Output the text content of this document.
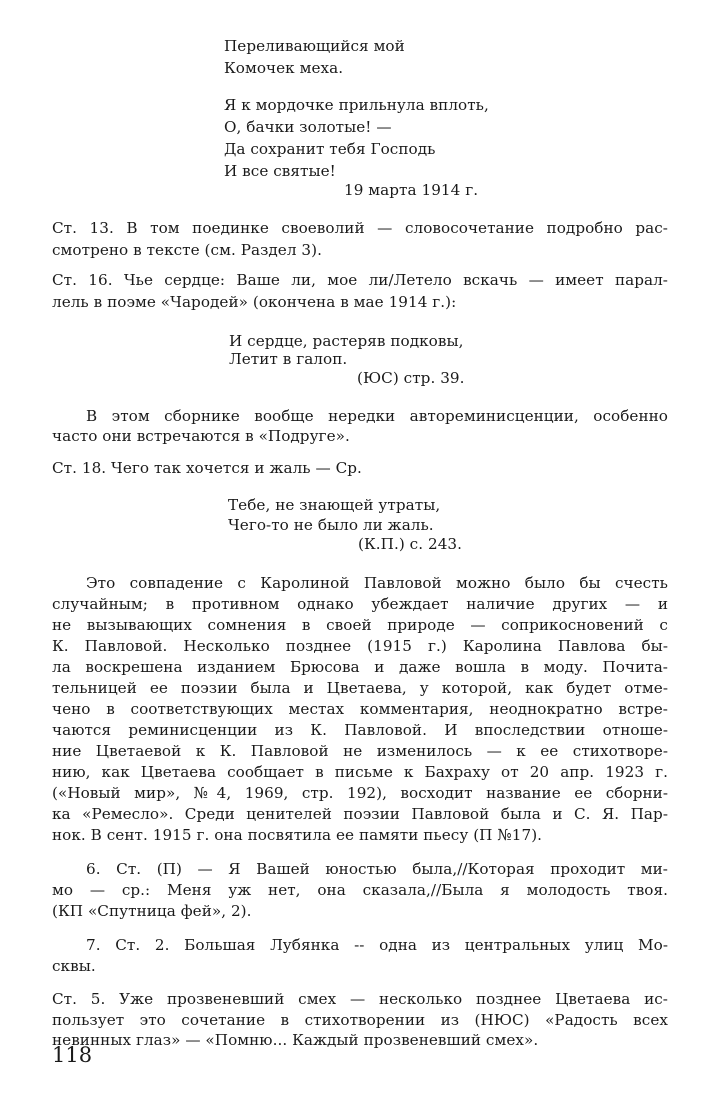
Переливающийся мой
Комочек меха.
Я к мордочке прильнула вплоть,
О, бачки золотые! —
Да сохранит тебя Господь
И все святые!
19 марта 1914 г.
Ст. 13. В том поединке своеволий — словосочетание подробно рас-
смотрено в тексте (см. Раздел 3).
Ст. 16. Чье сердце: Ваше ли, мое ли/Летело вскачь — имеет парал-
лель в поэме «Чародей» (окончена в мае 1914 г.):
И сердце, растеряв подковы,
Летит в галоп.
(ЮС) стр. 39.
В этом сборнике вообще нередки автореминисценции, особенно
часто они встречаются в «Подруге».
Ст. 18. Чего так хочется и жаль — Ср.
Тебе, не знающей утраты,
Чего-то не было ли жаль.
(К.П.) с. 243.
Это совпадение с Каролиной Павловой можно было бы счесть
случайным; в противном однако убеждает наличие других — и
не вызывающих сомнения в своей природе — соприкосновений с
К. Павловой. Несколько позднее (1915 г.) Каролина Павлова бы-
ла воскрешена изданием Брюсова и даже вошла в моду. Почита-
тельницей ее поэзии была и Цветаева, у которой, как будет отме-
чено в соответствующих местах комментария, неоднократно встре-
чаются реминисценции из К. Павловой. И впоследствии отноше-
ние Цветаевой к К. Павловой не изменилось — к ее стихотворе-
нию, как Цветаева сообщает в письме к Бахраху от 20 апр. 1923 г.
(«Новый мир», №4, 1969, стр. 192), восходит название ее сборни-
ка «Ремесло». Среди ценителей поэзии Павловой была и С. Я. Пар-
нок. В сент. 1915 г. она посвятила ее памяти пьесу (П №17).
6. Ст. (П) — Я Вашей юностью была,//Которая проходит ми-
мо — ср.: Меня уж нет, она сказала,//Была я молодость твоя.
(КП «Спутница фей», 2).
7. Ст. 2. Большая Лубянка -- одна из центральных улиц Мо-
сквы.
Ст. 5. Уже прозвеневший смех — несколько позднее Цветаева ис-
пользует это сочетание в стихотворении из (НЮС) «Радость всех
невинных глаз» — «Помню... Каждый прозвеневший смех».
118
